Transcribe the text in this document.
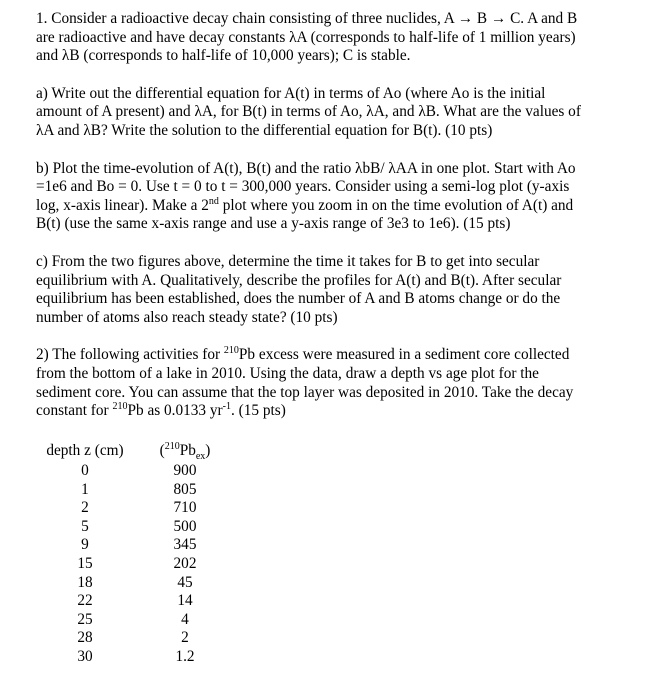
1. Consider a radioactive decay chain consisting of three nuclides, A → B → C. A and B
are radioactive and have decay constants λA (corresponds to half-life of 1 million years)
and λB (corresponds to half-life of 10,000 years); C is stable.
a) Write out the differential equation for A(t) in terms of Ao (where Ao is the initial
amount of A present) and λA, for B(t) in terms of Ao, λA, and λB. What are the values of
λA and λB? Write the solution to the differential equation for B(t). (10 pts)
b) Plot the time-evolution of A(t), B(t) and the ratio λbB/ λAA in one plot. Start with Ao
=1e6 and Bo = 0. Use t = 0 to t = 300,000 years. Consider using a semi-log plot (y-axis
log, x-axis linear). Make a 2nd plot where you zoom in on the time evolution of A(t) and
B(t) (use the same x-axis range and use a y-axis range of 3e3 to 1e6). (15 pts)
c) From the two figures above, determine the time it takes for B to get into secular
equilibrium with A. Qualitatively, describe the profiles for A(t) and B(t). After secular
equilibrium has been established, does the number of A and B atoms change or do the
number of atoms also reach steady state? (10 pts)
2) The following activities for $^{210}$Pb excess were measured in a sediment core collected
from the bottom of a lake in 2010. Using the data, draw a depth vs age plot for the
sediment core. You can assume that the top layer was deposited in 2010. Take the decay
constant for $^{210}$Pb as 0.0133 $yr^{-1}$. (15 pts)
depth z (cm)
0
1
2
5
9
15
18
22
25
28
30
$(^{210}Pb_{ex})$
900
805
710
500
345
202
45
14
4
2
1.2
